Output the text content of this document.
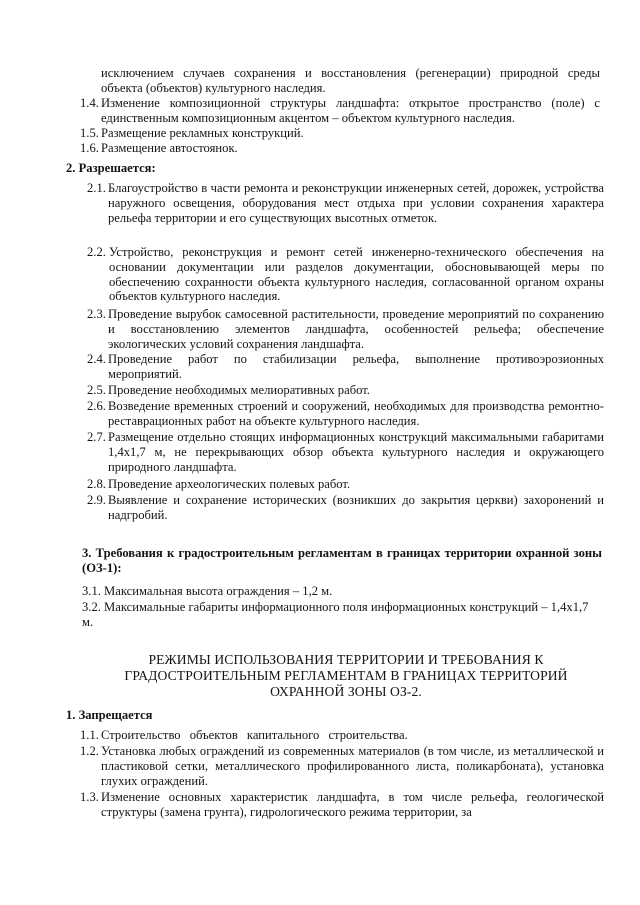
исключением случаев сохранения и восстановления (регенерации) природной среды объекта (объектов) культурного наследия.
1.4. Изменение композиционной структуры ландшафта: открытое пространство (поле) с единственным композиционным акцентом – объектом культурного наследия.
1.5. Размещение рекламных конструкций.
1.6. Размещение автостоянок.
2. Разрешается:
2.1. Благоустройство в части ремонта и реконструкции инженерных сетей, дорожек, устройства наружного освещения, оборудования мест отдыха при условии сохранения характера рельефа территории и его существующих высотных отметок.
2.2. Устройство, реконструкция и ремонт сетей инженерно-технического обеспечения на основании документации или разделов документации, обосновывающей меры по обеспечению сохранности объекта культурного наследия, согласованной органом охраны объектов культурного наследия.
2.3. Проведение вырубок самосевной растительности, проведение мероприятий по сохранению и восстановлению элементов ландшафта, особенностей рельефа; обеспечение экологических условий сохранения ландшафта.
2.4. Проведение работ по стабилизации рельефа, выполнение противоэрозионных мероприятий.
2.5. Проведение необходимых мелиоративных работ.
2.6. Возведение временных строений и сооружений, необходимых для производства ремонтно-реставрационных работ на объекте культурного наследия.
2.7. Размещение отдельно стоящих информационных конструкций максимальными габаритами 1,4х1,7 м, не перекрывающих обзор объекта культурного наследия и окружающего природного ландшафта.
2.8. Проведение археологических полевых работ.
2.9. Выявление и сохранение исторических (возникших до закрытия церкви) захоронений и надгробий.
3. Требования к градостроительным регламентам в границах территории охранной зоны (ОЗ-1):
3.1. Максимальная высота ограждения – 1,2 м.
3.2. Максимальные габариты информационного поля информационных конструкций – 1,4х1,7 м.
РЕЖИМЫ ИСПОЛЬЗОВАНИЯ ТЕРРИТОРИИ И ТРЕБОВАНИЯ К ГРАДОСТРОИТЕЛЬНЫМ РЕГЛАМЕНТАМ В ГРАНИЦАХ ТЕРРИТОРИЙ ОХРАННОЙ ЗОНЫ ОЗ-2.
1. Запрещается
1.1. Строительство объектов капитального строительства.
1.2. Установка любых ограждений из современных материалов (в том числе, из металлической и пластиковой сетки, металлического профилированного листа, поликарбоната), установка глухих ограждений.
1.3. Изменение основных характеристик ландшафта, в том числе рельефа, геологической структуры (замена грунта), гидрологического режима территории, за
